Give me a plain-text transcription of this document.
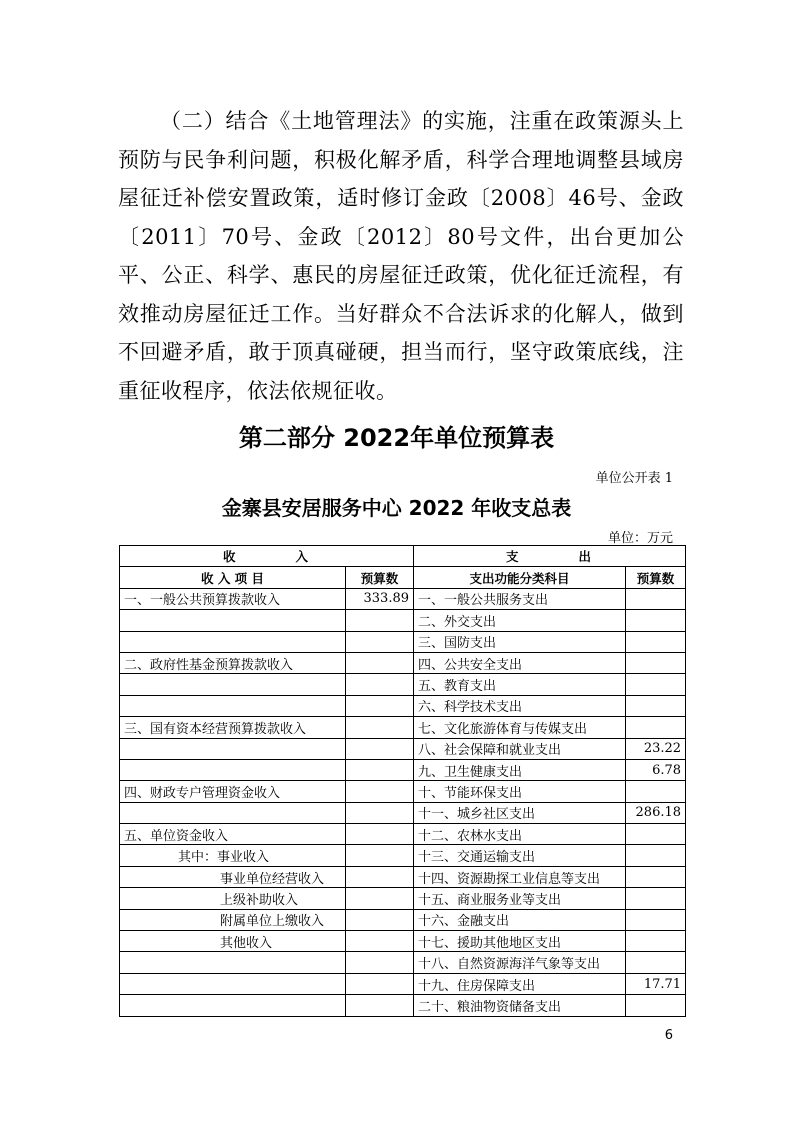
（二）结合《土地管理法》的实施，注重在政策源头上预防与民争利问题，积极化解矛盾，科学合理地调整县域房屋征迁补偿安置政策，适时修订金政〔2008〕46号、金政〔2011〕70号、金政〔2012〕80号文件，出台更加公平、公正、科学、惠民的房屋征迁政策，优化征迁流程，有效推动房屋征迁工作。当好群众不合法诉求的化解人，做到不回避矛盾，敢于顶真碰硬，担当而行，坚守政策底线，注重征收程序，依法依规征收。

第二部分 2022年单位预算表
单位公开表 1
金寨县安居服务中心 2022 年收支总表
单位：万元
收　　　　入		支　　　　出	
收 入 项 目	预算数	支出功能分类科目	预算数
一、一般公共预算拨款收入	333.89	一、一般公共服务支出	
		二、外交支出	
		三、国防支出	
二、政府性基金预算拨款收入		四、公共安全支出	
		五、教育支出	
		六、科学技术支出	
三、国有资本经营预算拨款收入		七、文化旅游体育与传媒支出	
		八、社会保障和就业支出	23.22
		九、卫生健康支出	6.78
四、财政专户管理资金收入		十、节能环保支出	
		十一、城乡社区支出	286.18
五、单位资金收入		十二、农林水支出	
其中：事业收入		十三、交通运输支出	
事业单位经营收入		十四、资源勘探工业信息等支出	
上级补助收入		十五、商业服务业等支出	
附属单位上缴收入		十六、金融支出	
其他收入		十七、援助其他地区支出	
		十八、自然资源海洋气象等支出	
		十九、住房保障支出	17.71
		二十、粮油物资储备支出	
6
